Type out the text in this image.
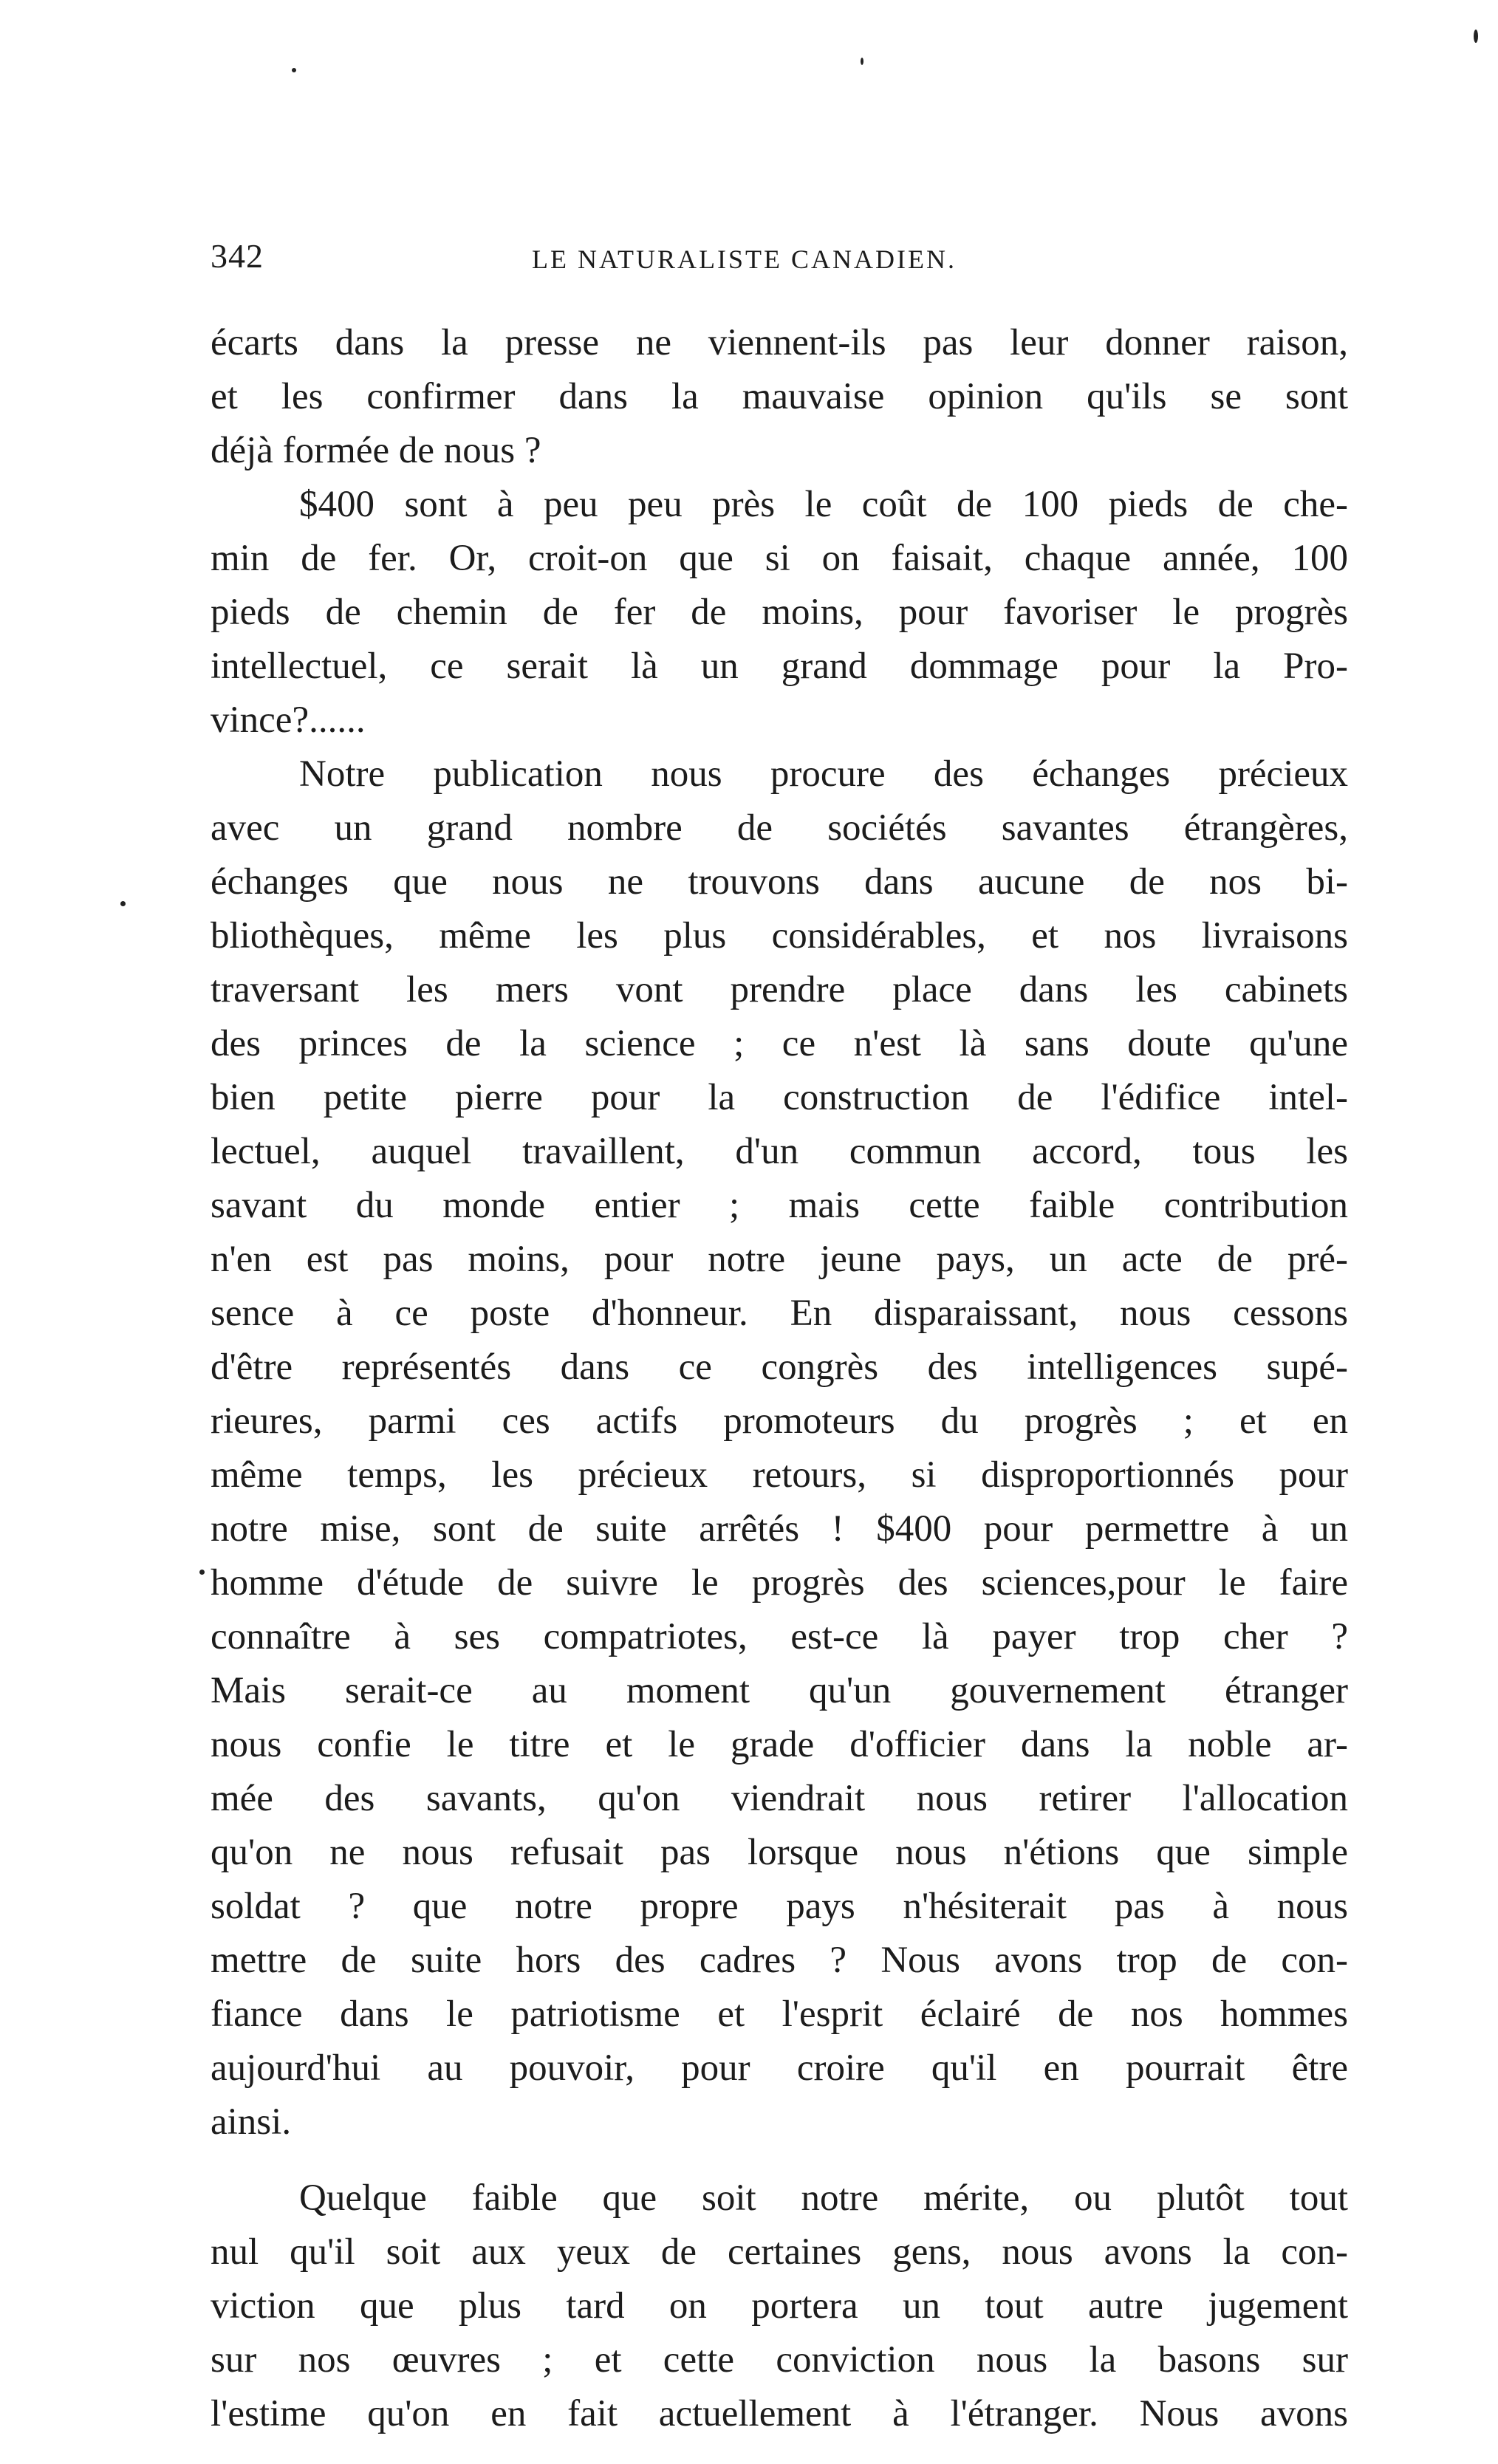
342	LE NATURALISTE CANADIEN.
écarts dans la presse ne viennent-ils pas leur donner raison,
et les confirmer dans la mauvaise opinion qu'ils se sont
déjà formée de nous ?
$400 sont à peu peu près le coût de 100 pieds de che-
min de fer. Or, croit-on que si on faisait, chaque année, 100
pieds de chemin de fer de moins, pour favoriser le progrès
intellectuel, ce serait là un grand dommage pour la Pro-
vince?......
Notre publication nous procure des échanges précieux
avec un grand nombre de sociétés savantes étrangères,
échanges que nous ne trouvons dans aucune de nos bi-
bliothèques, même les plus considérables, et nos livraisons
traversant les mers vont prendre place dans les cabinets
des princes de la science ; ce n'est là sans doute qu'une
bien petite pierre pour la construction de l'édifice intel-
lectuel, auquel travaillent, d'un commun accord, tous les
savant du monde entier ; mais cette faible contribution
n'en est pas moins, pour notre jeune pays, un acte de pré-
sence à ce poste d'honneur. En disparaissant, nous cessons
d'être représentés dans ce congrès des intelligences supé-
rieures, parmi ces actifs promoteurs du progrès ; et en
même temps, les précieux retours, si disproportionnés pour
notre mise, sont de suite arrêtés ! $400 pour permettre à un
homme d'étude de suivre le progrès des sciences,pour le faire
connaître à ses compatriotes, est-ce là payer trop cher ?
Mais serait-ce au moment qu'un gouvernement étranger
nous confie le titre et le grade d'officier dans la noble ar-
mée des savants, qu'on viendrait nous retirer l'allocation
qu'on ne nous refusait pas lorsque nous n'étions que simple
soldat ? que notre propre pays n'hésiterait pas à nous
mettre de suite hors des cadres ? Nous avons trop de con-
fiance dans le patriotisme et l'esprit éclairé de nos hommes
aujourd'hui au pouvoir, pour croire qu'il en pourrait être
ainsi.
Quelque faible que soit notre mérite, ou plutôt tout
nul qu'il soit aux yeux de certaines gens, nous avons la con-
viction que plus tard on portera un tout autre jugement
sur nos œuvres ; et cette conviction nous la basons sur
l'estime qu'on en fait actuellement à l'étranger. Nous avons
